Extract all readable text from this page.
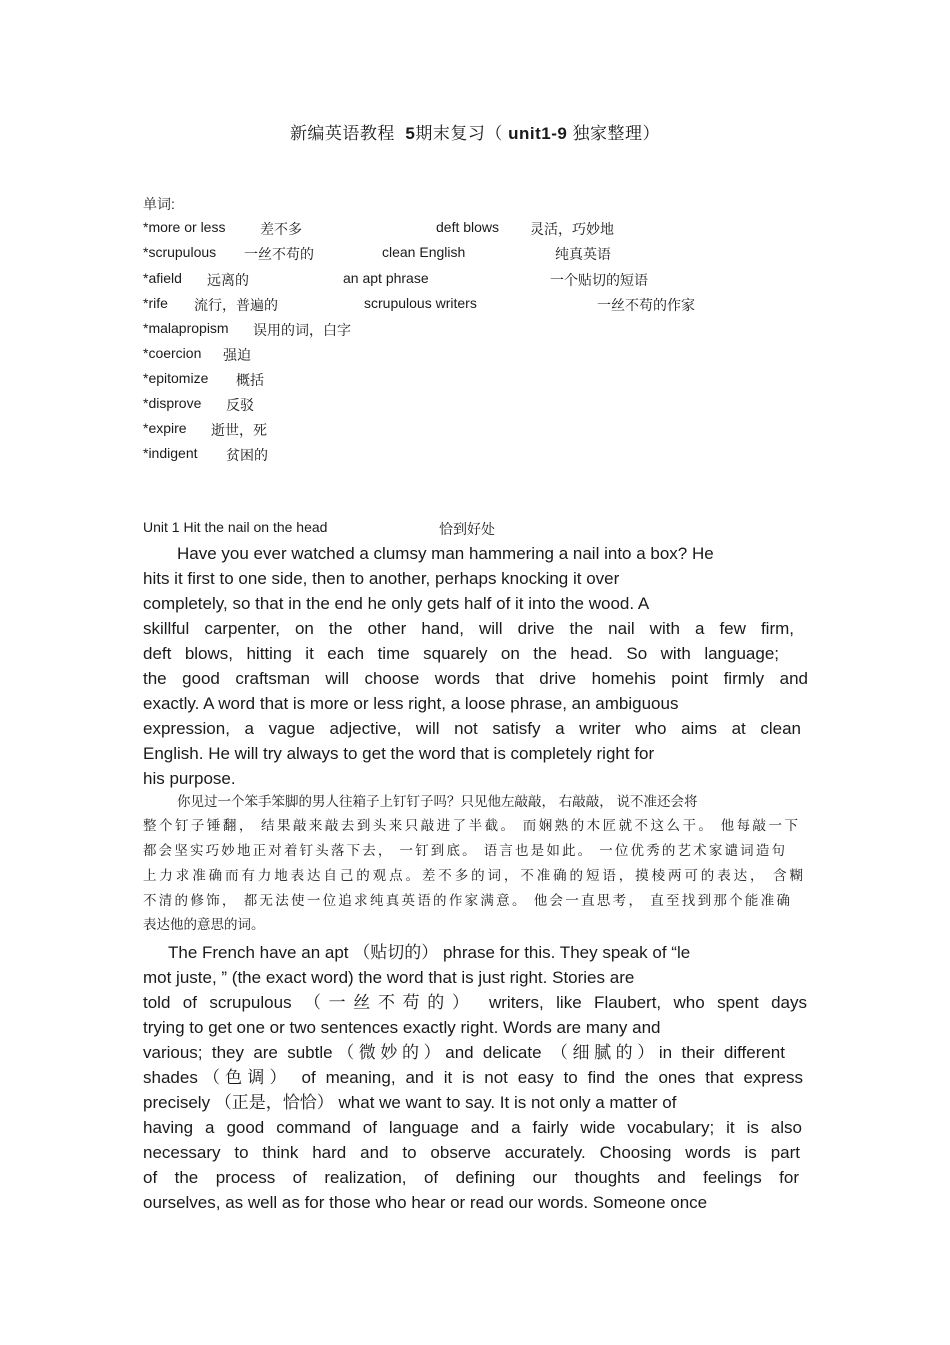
新编英语教程 5期末复习（ unit1-9 独家整理）
单词:
*more or less 差不多	deft blows 灵活，巧妙地
*scrupulous 一丝不苟的	clean English	纯真英语
*afield 远离的	an apt phrase	一个贴切的短语
*rife 流行，普遍的	scrupulous writers	一丝不苟的作家
*malapropism 误用的词，白字
*coercion 强迫
*epitomize 概括
*disprove 反驳
*expire 逝世，死
*indigent 贫困的
Unit 1 Hit the nail on the head	恰到好处
Have you ever watched a clumsy man hammering a nail into a box? He
hits it first to one side, then to another, perhaps knocking it over
completely, so that in the end he only gets half of it into the wood. A
skillful carpenter, on the other hand, will drive the nail with a few firm,
deft blows, hitting it each time squarely on the head. So with language;
the good craftsman will choose words that drive homehis point firmly and
exactly. A word that is more or less right, a loose phrase, an ambiguous
expression, a vague adjective, will not satisfy a writer who aims at clean
English. He will try always to get the word that is completely right for
his purpose.
你见过一个笨手笨脚的男人往箱子上钉钉子吗？只见他左敲敲， 右敲敲， 说不准还会将
整个钉子锤翻， 结果敲来敲去到头来只敲进了半截。 而娴熟的木匠就不这么干。 他每敲一下
都会坚实巧妙地正对着钉头落下去， 一钉到底。 语言也是如此。 一位优秀的艺术家谴词造句
上力求准确而有力地表达自己的观点。差不多的词，不准确的短语，摸棱两可的表达， 含糊
不清的修饰， 都无法使一位追求纯真英语的作家满意。 他会一直思考， 直至找到那个能准确
表达他的意思的词。
The French have an apt （贴切的） phrase for this. They speak of “le
mot juste, ” (the exact word) the word that is just right. Stories are
told of scrupulous （一丝不苟的） writers, like Flaubert, who spent days
trying to get one or two sentences exactly right. Words are many and
various; they are subtle（微妙的）and delicate （细腻的）in their different
shades（色调） of meaning, and it is not easy to find the ones that express
precisely （正是，恰恰） what we want to say. It is not only a matter of
having a good command of language and a fairly wide vocabulary; it is also
necessary to think hard and to observe accurately. Choosing words is part
of the process of realization, of defining our thoughts and feelings for
ourselves, as well as for those who hear or read our words. Someone once
